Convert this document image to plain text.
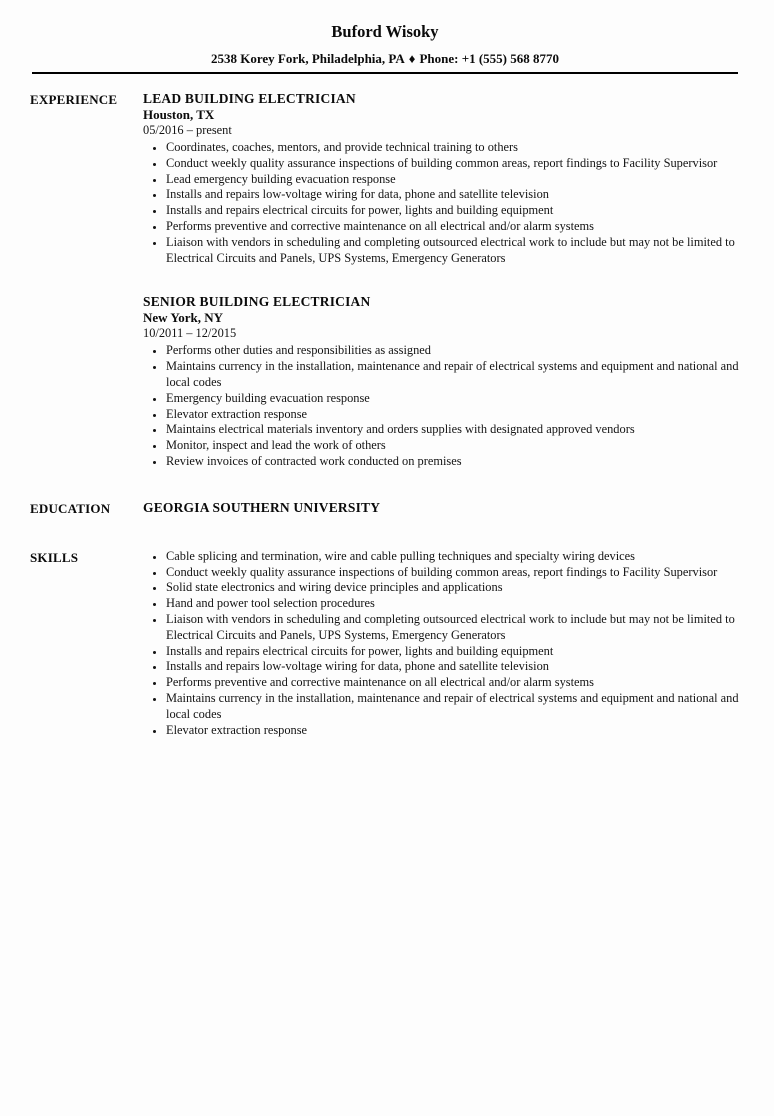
Buford Wisoky

2538 Korey Fork, Philadelphia, PA ♦ Phone: +1 (555) 568 8770

EXPERIENCE	LEAD BUILDING ELECTRICIAN
Houston, TX
05/2016 – present
• Coordinates, coaches, mentors, and provide technical training to others
• Conduct weekly quality assurance inspections of building common areas, report findings to Facility Supervisor
• Lead emergency building evacuation response
• Installs and repairs low-voltage wiring for data, phone and satellite television
• Installs and repairs electrical circuits for power, lights and building equipment
• Performs preventive and corrective maintenance on all electrical and/or alarm systems
• Liaison with vendors in scheduling and completing outsourced electrical work to include but may not be limited to Electrical Circuits and Panels, UPS Systems, Emergency Generators
SENIOR BUILDING ELECTRICIAN
New York, NY
10/2011 – 12/2015
• Performs other duties and responsibilities as assigned
• Maintains currency in the installation, maintenance and repair of electrical systems and equipment and national and local codes
• Emergency building evacuation response
• Elevator extraction response
• Maintains electrical materials inventory and orders supplies with designated approved vendors
• Monitor, inspect and lead the work of others
• Review invoices of contracted work conducted on premises
EDUCATION	GEORGIA SOUTHERN UNIVERSITY
SKILLS	• Cable splicing and termination, wire and cable pulling techniques and specialty wiring devices
• Conduct weekly quality assurance inspections of building common areas, report findings to Facility Supervisor
• Solid state electronics and wiring device principles and applications
• Hand and power tool selection procedures
• Liaison with vendors in scheduling and completing outsourced electrical work to include but may not be limited to Electrical Circuits and Panels, UPS Systems, Emergency Generators
• Installs and repairs electrical circuits for power, lights and building equipment
• Installs and repairs low-voltage wiring for data, phone and satellite television
• Performs preventive and corrective maintenance on all electrical and/or alarm systems
• Maintains currency in the installation, maintenance and repair of electrical systems and equipment and national and local codes
• Elevator extraction response
